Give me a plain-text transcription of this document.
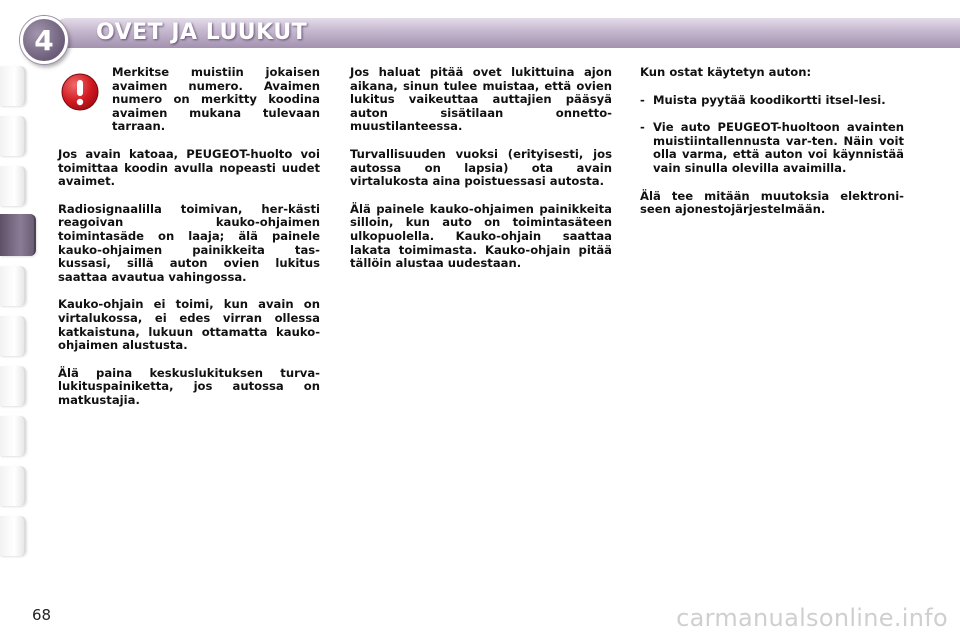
4 OVET JA LUUKUT

Merkitse muistiin jokaisen avaimen numero. Avaimen numero on merkitty koodina avaimen mukana tulevaan tarraan.

Jos avain katoaa, PEUGEOT-huolto voi toimittaa koodin avulla nopeasti uudet avaimet.

Radiosignaalilla toimivan, her-kästi reagoivan kauko-ohjaimen toimintasäde on laaja; älä painele kauko-ohjaimen painikkeita tas-kussasi, sillä auton ovien lukitus saattaa avautua vahingossa.

Kauko-ohjain ei toimi, kun avain on virtalukossa, ei edes virran ollessa katkaistuna, lukuun ottamatta kauko-ohjaimen alustusta.

Älä paina keskuslukituksen turva-lukituspainiketta, jos autossa on matkustajia.

Jos haluat pitää ovet lukittuina ajon aikana, sinun tulee muistaa, että ovien lukitus vaikeuttaa auttajien pääsyä auton sisätilaan onnetto-muustilanteessa.

Turvallisuuden vuoksi (erityisesti, jos autossa on lapsia) ota avain virtalukosta aina poistuessasi autosta.

Älä painele kauko-ohjaimen painikkeita silloin, kun auto on toimintasäteen ulkopuolella. Kauko-ohjain saattaa lakata toimimasta. Kauko-ohjain pitää tällöin alustaa uudestaan.

Kun ostat käytetyn auton:

- Muista pyytää koodikortti itsel-lesi.

- Vie auto PEUGEOT-huoltoon avainten muistiintallennusta var-ten. Näin voit olla varma, että auton voi käynnistää vain sinulla olevilla avaimilla.

Älä tee mitään muutoksia elektroni-seen ajonestojärjestelmään.

68	carmanualsonline.info
